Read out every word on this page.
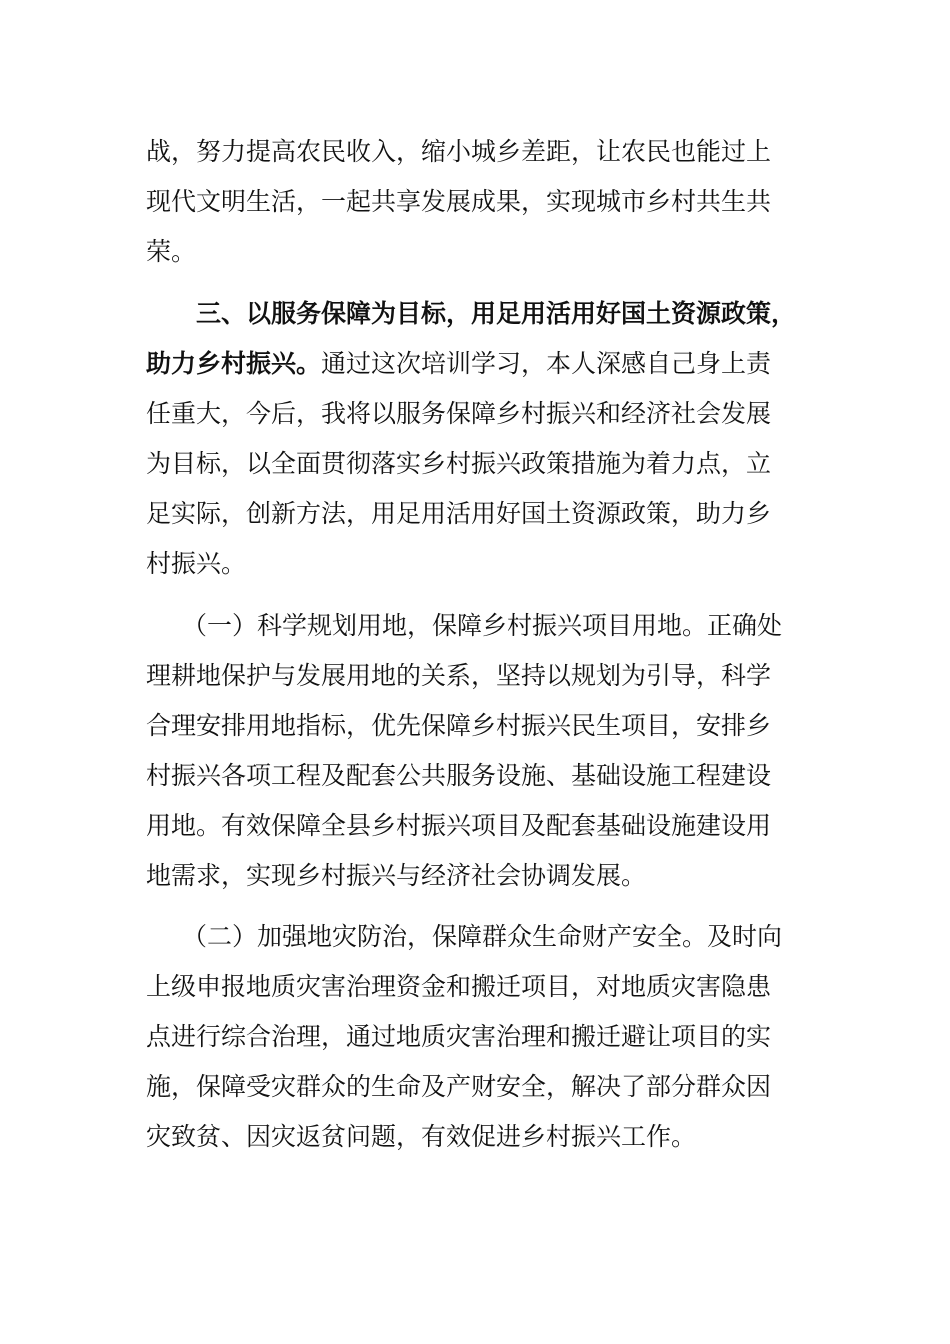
战，努力提高农民收入，缩小城乡差距，让农民也能过上
现代文明生活，一起共享发展成果，实现城市乡村共生共
荣。
三、以服务保障为目标，用足用活用好国土资源政策，
助力乡村振兴。通过这次培训学习，本人深感自己身上责
任重大，今后，我将以服务保障乡村振兴和经济社会发展
为目标，以全面贯彻落实乡村振兴政策措施为着力点，立
足实际，创新方法，用足用活用好国土资源政策，助力乡
村振兴。
（一）科学规划用地，保障乡村振兴项目用地。正确处
理耕地保护与发展用地的关系，坚持以规划为引导，科学
合理安排用地指标，优先保障乡村振兴民生项目，安排乡
村振兴各项工程及配套公共服务设施、基础设施工程建设
用地。有效保障全县乡村振兴项目及配套基础设施建设用
地需求，实现乡村振兴与经济社会协调发展。
（二）加强地灾防治，保障群众生命财产安全。及时向
上级申报地质灾害治理资金和搬迁项目，对地质灾害隐患
点进行综合治理，通过地质灾害治理和搬迁避让项目的实
施，保障受灾群众的生命及产财安全，解决了部分群众因
灾致贫、因灾返贫问题，有效促进乡村振兴工作。
